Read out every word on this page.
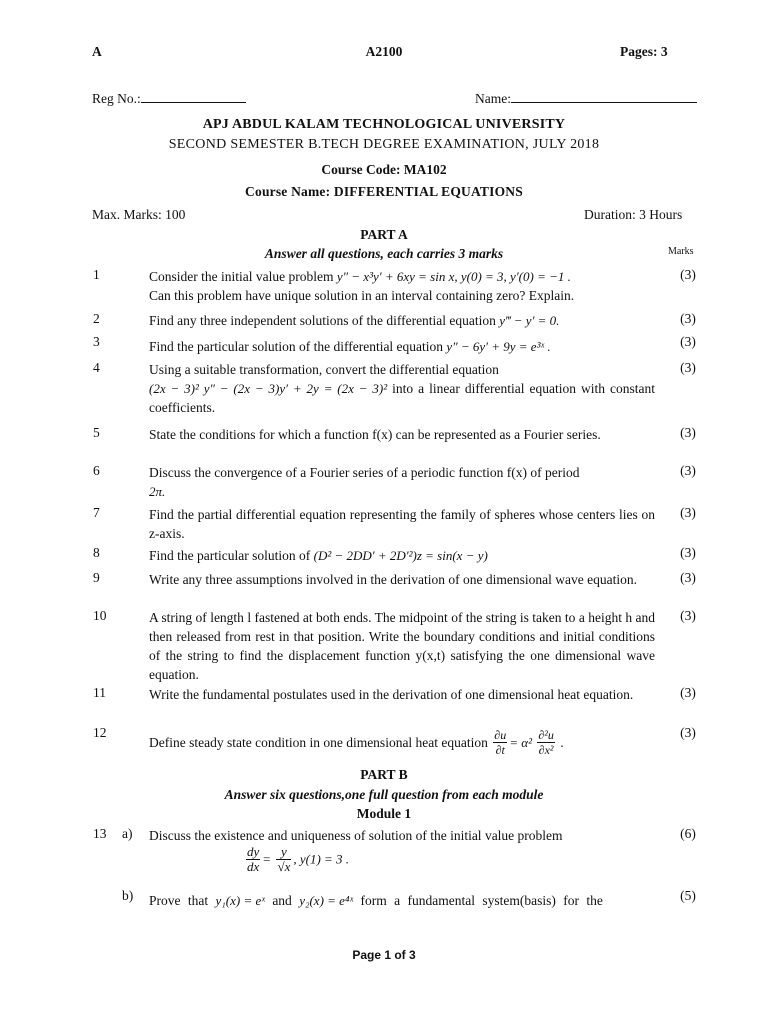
A	A2100	Pages: 3
Reg No.:	Name:
APJ ABDUL KALAM TECHNOLOGICAL UNIVERSITY
SECOND SEMESTER B.TECH DEGREE EXAMINATION, JULY 2018
Course Code: MA102
Course Name: DIFFERENTIAL EQUATIONS
Max. Marks: 100	Duration: 3 Hours
PART A
Answer all questions, each carries 3 marks	Marks
1	Consider the initial value problem y″ − x³y′ + 6xy = sin x, y(0) = 3, y′(0) = −1 .
Can this problem have unique solution in an interval containing zero? Explain.
(3)
2	Find any three independent solutions of the differential equation y‴ − y′ = 0.	(3)
3	Find the particular solution of the differential equation y″ − 6y′ + 9y = e³ˣ .	(3)
4	Using a suitable transformation, convert the differential equation
(2x − 3)² y″ − (2x − 3)y′ + 2y = (2x − 3)² into a linear differential equation with constant coefficients.
(3)
5	State the conditions for which a function f(x) can be represented as a Fourier series.	(3)
6	Discuss the convergence of a Fourier series of a periodic function f(x) of period
2π.
(3)
7	Find the partial differential equation representing the family of spheres whose centers lies on z-axis.
(3)
8	Find the particular solution of (D² − 2DD′ + 2D′²)z = sin(x − y)	(3)
9	Write any three assumptions involved in the derivation of one dimensional wave equation.	(3)
10	A string of length l fastened at both ends. The midpoint of the string is taken to a height h and then released from rest in that position. Write the boundary conditions and initial conditions of the string to find the displacement function y(x,t) satisfying the one dimensional wave equation.
(3)
11	Write the fundamental postulates used in the derivation of one dimensional heat equation.	(3)
12
Define steady state condition in one dimensional heat equation $\frac{\partial u}{\partial t} = \alpha^2 \frac{\text{∂²u}}{\text{∂x²}}$ .
(3)
PART B
Answer six questions,one full question from each module
Module 1
13	a)	Discuss the existence and uniqueness of solution of the initial value problem	(6)
$\frac{dy}{dx} = \frac{y}{√x}$ , y(1) = 3 .
b)	Prove that y₁(x) = eˣ and y₂(x) = e⁴ˣ form a fundamental system(basis) for the	(5)
Page 1 of 3
